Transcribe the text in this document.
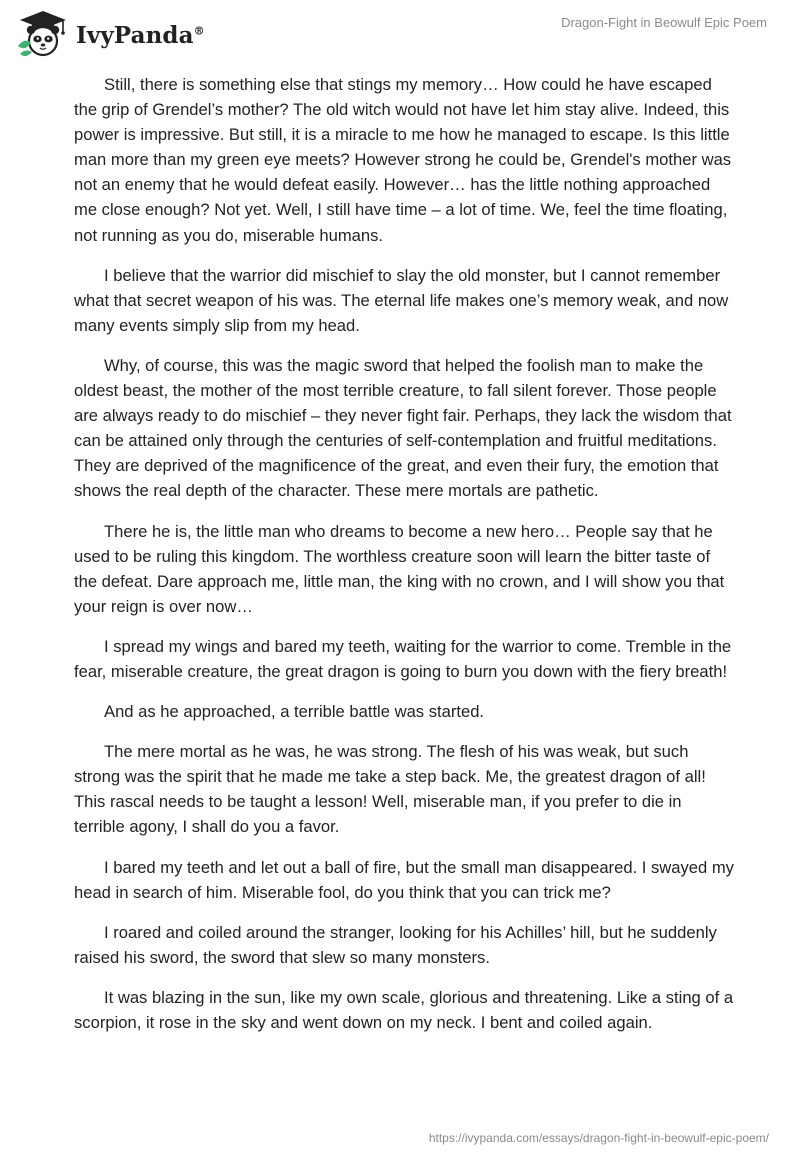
IvyPanda®
Dragon-Fight in Beowulf Epic Poem

Still, there is something else that stings my memory… How could he have escaped the grip of Grendel’s mother? The old witch would not have let him stay alive. Indeed, this power is impressive. But still, it is a miracle to me how he managed to escape. Is this little man more than my green eye meets? However strong he could be, Grendel's mother was not an enemy that he would defeat easily. However… has the little nothing approached me close enough? Not yet. Well, I still have time – a lot of time. We, feel the time floating, not running as you do, miserable humans.

I believe that the warrior did mischief to slay the old monster, but I cannot remember what that secret weapon of his was. The eternal life makes one’s memory weak, and now many events simply slip from my head.

Why, of course, this was the magic sword that helped the foolish man to make the oldest beast, the mother of the most terrible creature, to fall silent forever. Those people are always ready to do mischief – they never fight fair. Perhaps, they lack the wisdom that can be attained only through the centuries of self-contemplation and fruitful meditations. They are deprived of the magnificence of the great, and even their fury, the emotion that shows the real depth of the character. These mere mortals are pathetic.

There he is, the little man who dreams to become a new hero… People say that he used to be ruling this kingdom. The worthless creature soon will learn the bitter taste of the defeat. Dare approach me, little man, the king with no crown, and I will show you that your reign is over now…

I spread my wings and bared my teeth, waiting for the warrior to come. Tremble in the fear, miserable creature, the great dragon is going to burn you down with the fiery breath!

And as he approached, a terrible battle was started.

The mere mortal as he was, he was strong. The flesh of his was weak, but such strong was the spirit that he made me take a step back. Me, the greatest dragon of all! This rascal needs to be taught a lesson! Well, miserable man, if you prefer to die in terrible agony, I shall do you a favor.

I bared my teeth and let out a ball of fire, but the small man disappeared. I swayed my head in search of him. Miserable fool, do you think that you can trick me?

I roared and coiled around the stranger, looking for his Achilles’ hill, but he suddenly raised his sword, the sword that slew so many monsters.

It was blazing in the sun, like my own scale, glorious and threatening. Like a sting of a scorpion, it rose in the sky and went down on my neck. I bent and coiled again.

https://ivypanda.com/essays/dragon-fight-in-beowulf-epic-poem/
